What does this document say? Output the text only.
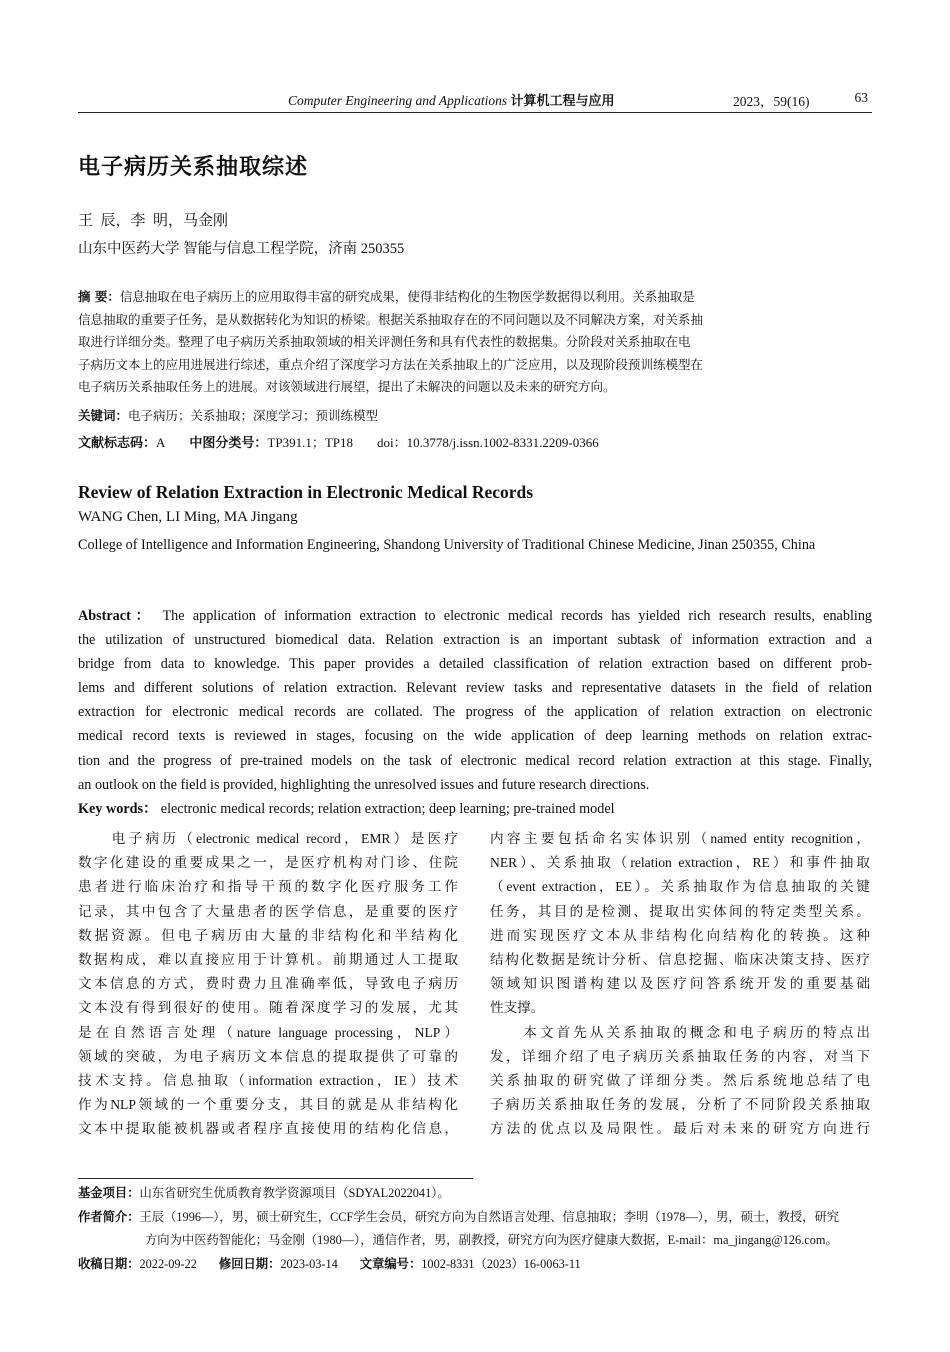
Computer Engineering and Applications 计算机工程与应用	2023，59(16)	63
电子病历关系抽取综述
王  辰，李  明，马金刚
山东中医药大学 智能与信息工程学院，济南 250355
摘 要：信息抽取在电子病历上的应用取得丰富的研究成果，使得非结构化的生物医学数据得以利用。关系抽取是
信息抽取的重要子任务，是从数据转化为知识的桥梁。根据关系抽取存在的不同问题以及不同解决方案，对关系抽
取进行详细分类。整理了电子病历关系抽取领域的相关评测任务和具有代表性的数据集。分阶段对关系抽取在电
子病历文本上的应用进展进行综述，重点介绍了深度学习方法在关系抽取上的广泛应用，以及现阶段预训练模型在
电子病历关系抽取任务上的进展。对该领域进行展望，提出了未解决的问题以及未来的研究方向。
关键词：电子病历；关系抽取；深度学习；预训练模型
文献标志码：A 中图分类号：TP391.1；TP18 doi：10.3778/j.issn.1002-8331.2209-0366
Review of Relation Extraction in Electronic Medical Records
WANG Chen, LI Ming, MA Jingang
College of Intelligence and Information Engineering, Shandong University of Traditional Chinese Medicine, Jinan 250355, China
Abstract： The application of information extraction to electronic medical records has yielded rich research results, enabling
the utilization of unstructured biomedical data. Relation extraction is an important subtask of information extraction and a
bridge from data to knowledge. This paper provides a detailed classification of relation extraction based on different prob-
lems and different solutions of relation extraction. Relevant review tasks and representative datasets in the field of relation
extraction for electronic medical records are collated. The progress of the application of relation extraction on electronic
medical record texts is reviewed in stages, focusing on the wide application of deep learning methods on relation extrac-
tion and the progress of pre-trained models on the task of electronic medical record relation extraction at this stage. Finally,
an outlook on the field is provided, highlighting the unresolved issues and future research directions.
Key words： electronic medical records; relation extraction; deep learning; pre-trained model
　　电子病历（electronic medical record，EMR）是医疗
数字化建设的重要成果之一，是医疗机构对门诊、住院
患者进行临床治疗和指导干预的数字化医疗服务工作
记录，其中包含了大量患者的医学信息，是重要的医疗
数据资源。但电子病历由大量的非结构化和半结构化
数据构成，难以直接应用于计算机。前期通过人工提取
文本信息的方式，费时费力且准确率低，导致电子病历
文本没有得到很好的使用。随着深度学习的发展，尤其
是在自然语言处理（nature language processing，NLP）
领域的突破，为电子病历文本信息的提取提供了可靠的
技术支持。信息抽取（information extraction，IE）技术
作为NLP领域的一个重要分支，其目的就是从非结构化
文本中提取能被机器或者程序直接使用的结构化信息，
内容主要包括命名实体识别（named entity recognition，
NER）、关系抽取（relation extraction，RE）和事件抽取
（event extraction，EE）。关系抽取作为信息抽取的关键
任务，其目的是检测、提取出实体间的特定类型关系。
进而实现医疗文本从非结构化向结构化的转换。这种
结构化数据是统计分析、信息挖掘、临床决策支持、医疗
领域知识图谱构建以及医疗问答系统开发的重要基础
性支撑。
　　本文首先从关系抽取的概念和电子病历的特点出
发，详细介绍了电子病历关系抽取任务的内容，对当下
关系抽取的研究做了详细分类。然后系统地总结了电
子病历关系抽取任务的发展，分析了不同阶段关系抽取
方法的优点以及局限性。最后对未来的研究方向进行
基金项目：山东省研究生优质教育教学资源项目（SDYAL2022041）。
作者简介：王辰（1996—），男，硕士研究生，CCF学生会员，研究方向为自然语言处理、信息抽取；李明（1978—），男，硕士，教授，研究
方向为中医药智能化；马金刚（1980—），通信作者，男，副教授，研究方向为医疗健康大数据，E-mail：ma_jingang@126.com。
收稿日期：2022-09-22 修回日期：2023-03-14 文章编号：1002-8331（2023）16-0063-11
